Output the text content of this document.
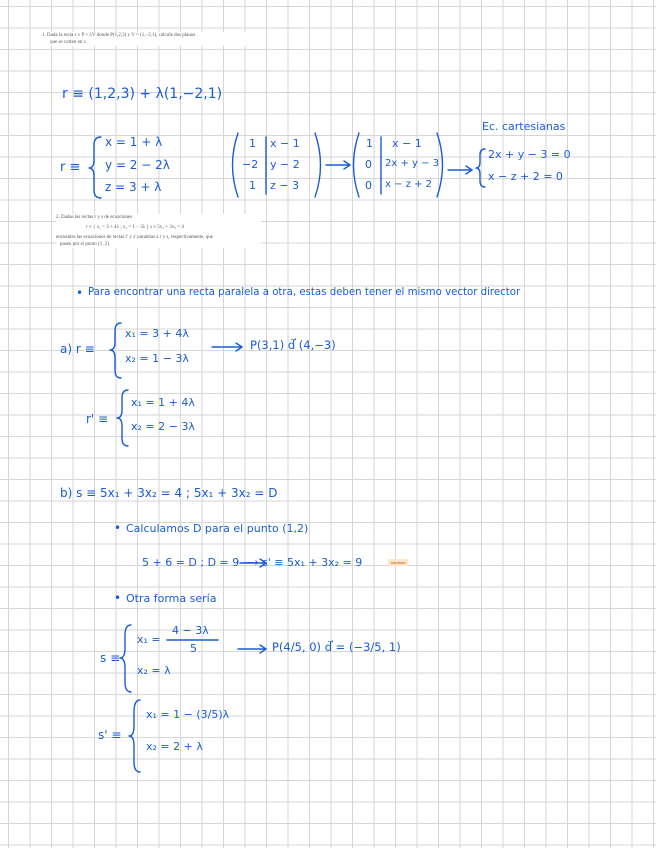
1. Dada la recta r ≡ P + λV donde P(1,2,3) y V = (1,−2,1), calcule dos planos
que se corten en r.
r ≡ (1,2,3) + λ(1,−2,1)
r ≡
x = 1 + λ
y = 2 − 2λ
z = 3 + λ
1 x − 1
−2 y − 2
1 z − 3
1 x − 1
0 2x + y − 3
0 x − z + 2
Ec. cartesianas
2x + y − 3 = 0
x − z + 2 = 0
2. Dadas las rectas r y s de ecuaciones
r ≡ { x₁ = 3 + 4λ ; x₂ = 1 − 3λ } s ≡ 5x₁ + 3x₂ = 4
encuentre las ecuaciones de rectas r' y s' paralelas a r y s, respectivamente, que
pasen por el punto (1, 2).
• Para encontrar una recta paralela a otra, estas deben tener el mismo vector director
a) r ≡
x₁ = 3 + 4λ
x₂ = 1 − 3λ
P(3,1) d⃗ (4,−3)
r' ≡
x₁ = 1 + 4λ
x₂ = 2 − 3λ
b) s ≡ 5x₁ + 3x₂ = 4 ; 5x₁ + 3x₂ = D
• Calculamos D para el punto (1,2)
5 + 6 = D ; D = 9 ⟶ s' ≡ 5x₁ + 3x₂ = 9	correcto
• Otra forma sería
s ≡
x₁ =
4 − 3λ
5
x₂ = λ
P(4/5, 0) d⃗ = (−3/5, 1)
s' ≡
x₁ = 1 − (3/5)λ
x₂ = 2 + λ
